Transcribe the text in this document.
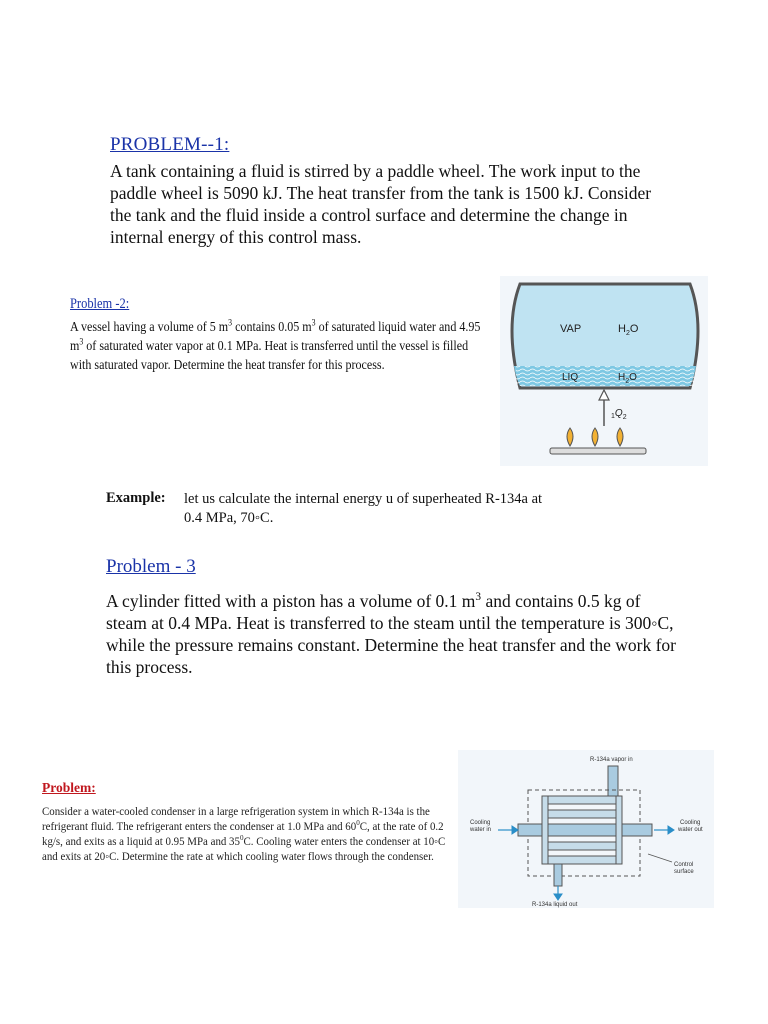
PROBLEM--1:
A tank containing a fluid is stirred by a paddle wheel. The work input to the paddle wheel is 5090 kJ. The heat transfer from the tank is 1500 kJ. Consider the tank and the fluid inside a control surface and determine the change in internal energy of this control mass.
Problem -2:
A vessel having a volume of 5 $m^3$ contains 0.05 $m^3$ of saturated liquid water and 4.95 $m^3$ of saturated water vapor at 0.1 MPa. Heat is transferred until the vessel is filled with saturated vapor. Determine the heat transfer for this process.
VAP	$H_2O$
LIQ	$H_2O$
$_1Q_2$
Example: let us calculate the internal energy u of superheated R-134a at
0.4 MPa, 70◦C.
Problem - 3
A cylinder fitted with a piston has a volume of 0.1 $m^3$ and contains 0.5 kg of steam at 0.4 MPa. Heat is transferred to the steam until the temperature is 300◦C, while the pressure remains constant. Determine the heat transfer and the work for this process.
Problem:
Consider a water-cooled condenser in a large refrigeration system in which R-134a is the refrigerant fluid. The refrigerant enters the condenser at 1.0 MPa and $60^0C$, at the rate of 0.2 kg/s, and exits as a liquid at 0.95 MPa and $35^0C$. Cooling water enters the condenser at 10◦C and exits at 20◦C. Determine the rate at which cooling water flows through the condenser.
R-134a vapor in
Cooling water in
Cooling water out
Control surface
R-134a liquid out
